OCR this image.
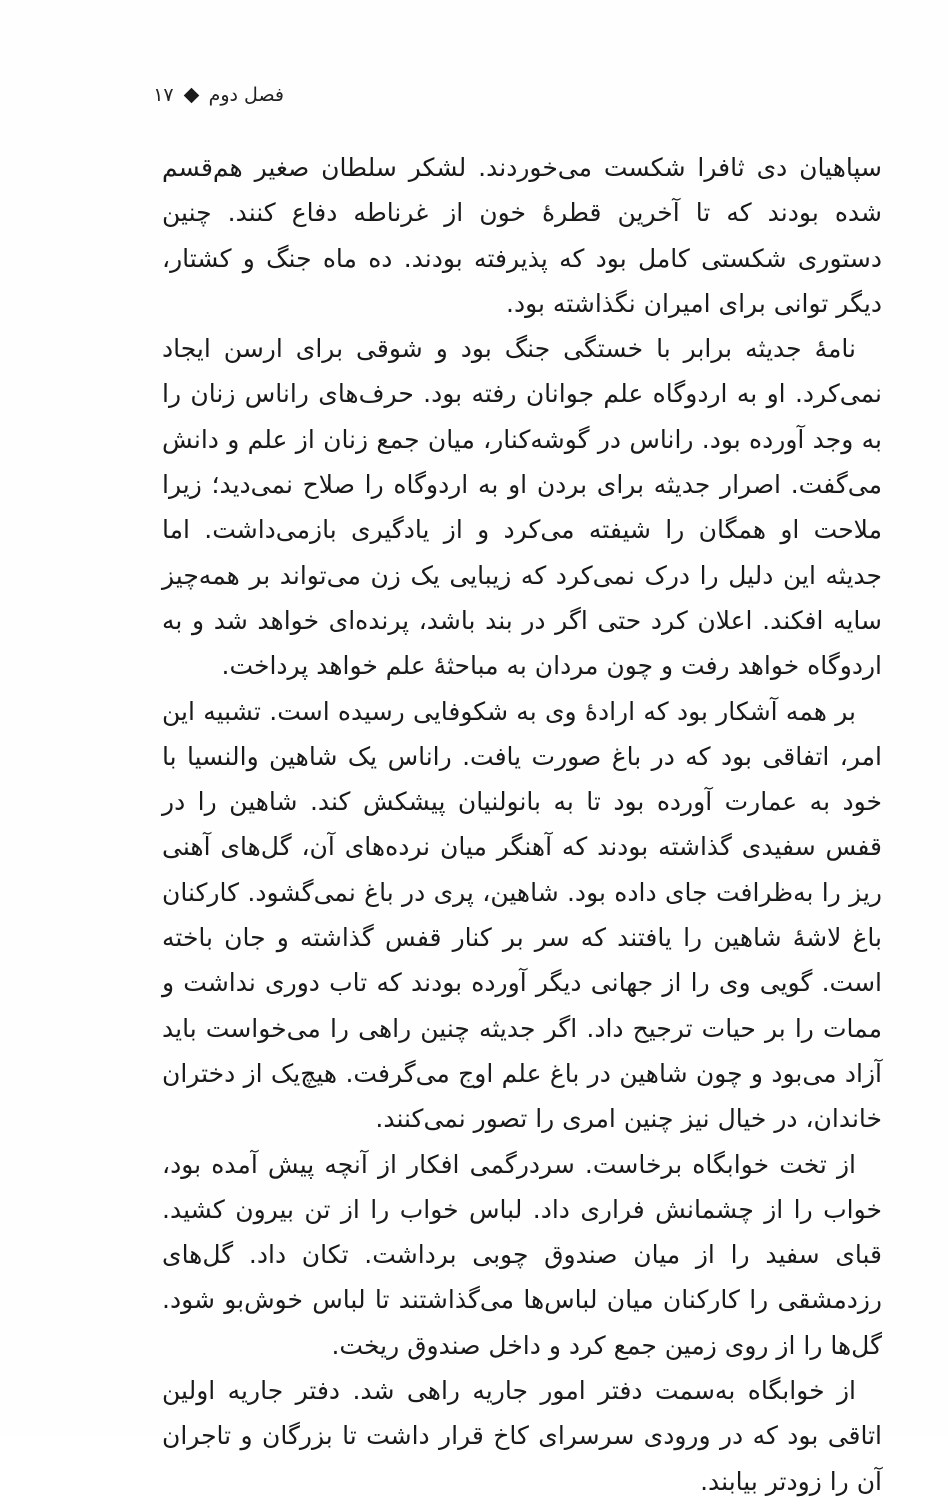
فصل دوم
۱۷

سپاهیان دی ثافرا شکست می‌خوردند. لشکر سلطان صغیر هم‌قسم شده بودند که تا آخرین قطرهٔ خون از غرناطه دفاع کنند. چنین دستوری شکستی کامل بود که پذیرفته بودند. ده ماه جنگ و کشتار، دیگر توانی برای امیران نگذاشته بود.

نامهٔ جدیثه برابر با خستگی جنگ بود و شوقی برای ارسن ایجاد نمی‌کرد. او به اردوگاه علم جوانان رفته بود. حرف‌های راناس زنان را به وجد آورده بود. راناس در گوشه‌کنار، میان جمع زنان از علم و دانش می‌گفت. اصرار جدیثه برای بردن او به اردوگاه را صلاح نمی‌دید؛ زیرا ملاحت او همگان را شیفته می‌کرد و از یادگیری بازمی‌داشت. اما جدیثه این دلیل را درک نمی‌کرد که زیبایی یک زن می‌تواند بر همه‌چیز سایه افکند. اعلان کرد حتی اگر در بند باشد، پرنده‌ای خواهد شد و به اردوگاه خواهد رفت و چون مردان به مباحثهٔ علم خواهد پرداخت.

بر همه آشکار بود که ارادهٔ وی به شکوفایی رسیده است. تشبیه این امر، اتفاقی بود که در باغ صورت یافت. راناس یک شاهین والنسیا با خود به عمارت آورده بود تا به بانولنیان پیشکش کند. شاهین را در قفس سفیدی گذاشته بودند که آهنگر میان نرده‌های آن، گل‌های آهنی ریز را به‌ظرافت جای داده بود. شاهین، پری در باغ نمی‌گشود. کارکنان باغ لاشهٔ شاهین را یافتند که سر بر کنار قفس گذاشته و جان باخته است. گویی وی را از جهانی دیگر آورده بودند که تاب دوری نداشت و ممات را بر حیات ترجیح داد. اگر جدیثه چنین راهی را می‌خواست باید آزاد می‌بود و چون شاهین در باغ علم اوج می‌گرفت. هیچ‌یک از دختران خاندان، در خیال نیز چنین امری را تصور نمی‌کنند.

از تخت خوابگاه برخاست. سردرگمی افکار از آنچه پیش آمده بود، خواب را از چشمانش فراری داد. لباس خواب را از تن بیرون کشید. قبای سفید را از میان صندوق چوبی برداشت. تکان داد. گل‌های رزدمشقی را کارکنان میان لباس‌ها می‌گذاشتند تا لباس خوش‌بو شود. گل‌ها را از روی زمین جمع کرد و داخل صندوق ریخت.

از خوابگاه به‌سمت دفتر امور جاریه راهی شد. دفتر جاریه اولین اتاقی بود که در ورودی سرسرای کاخ قرار داشت تا بزرگان و تاجران آن را زودتر بیابند.
